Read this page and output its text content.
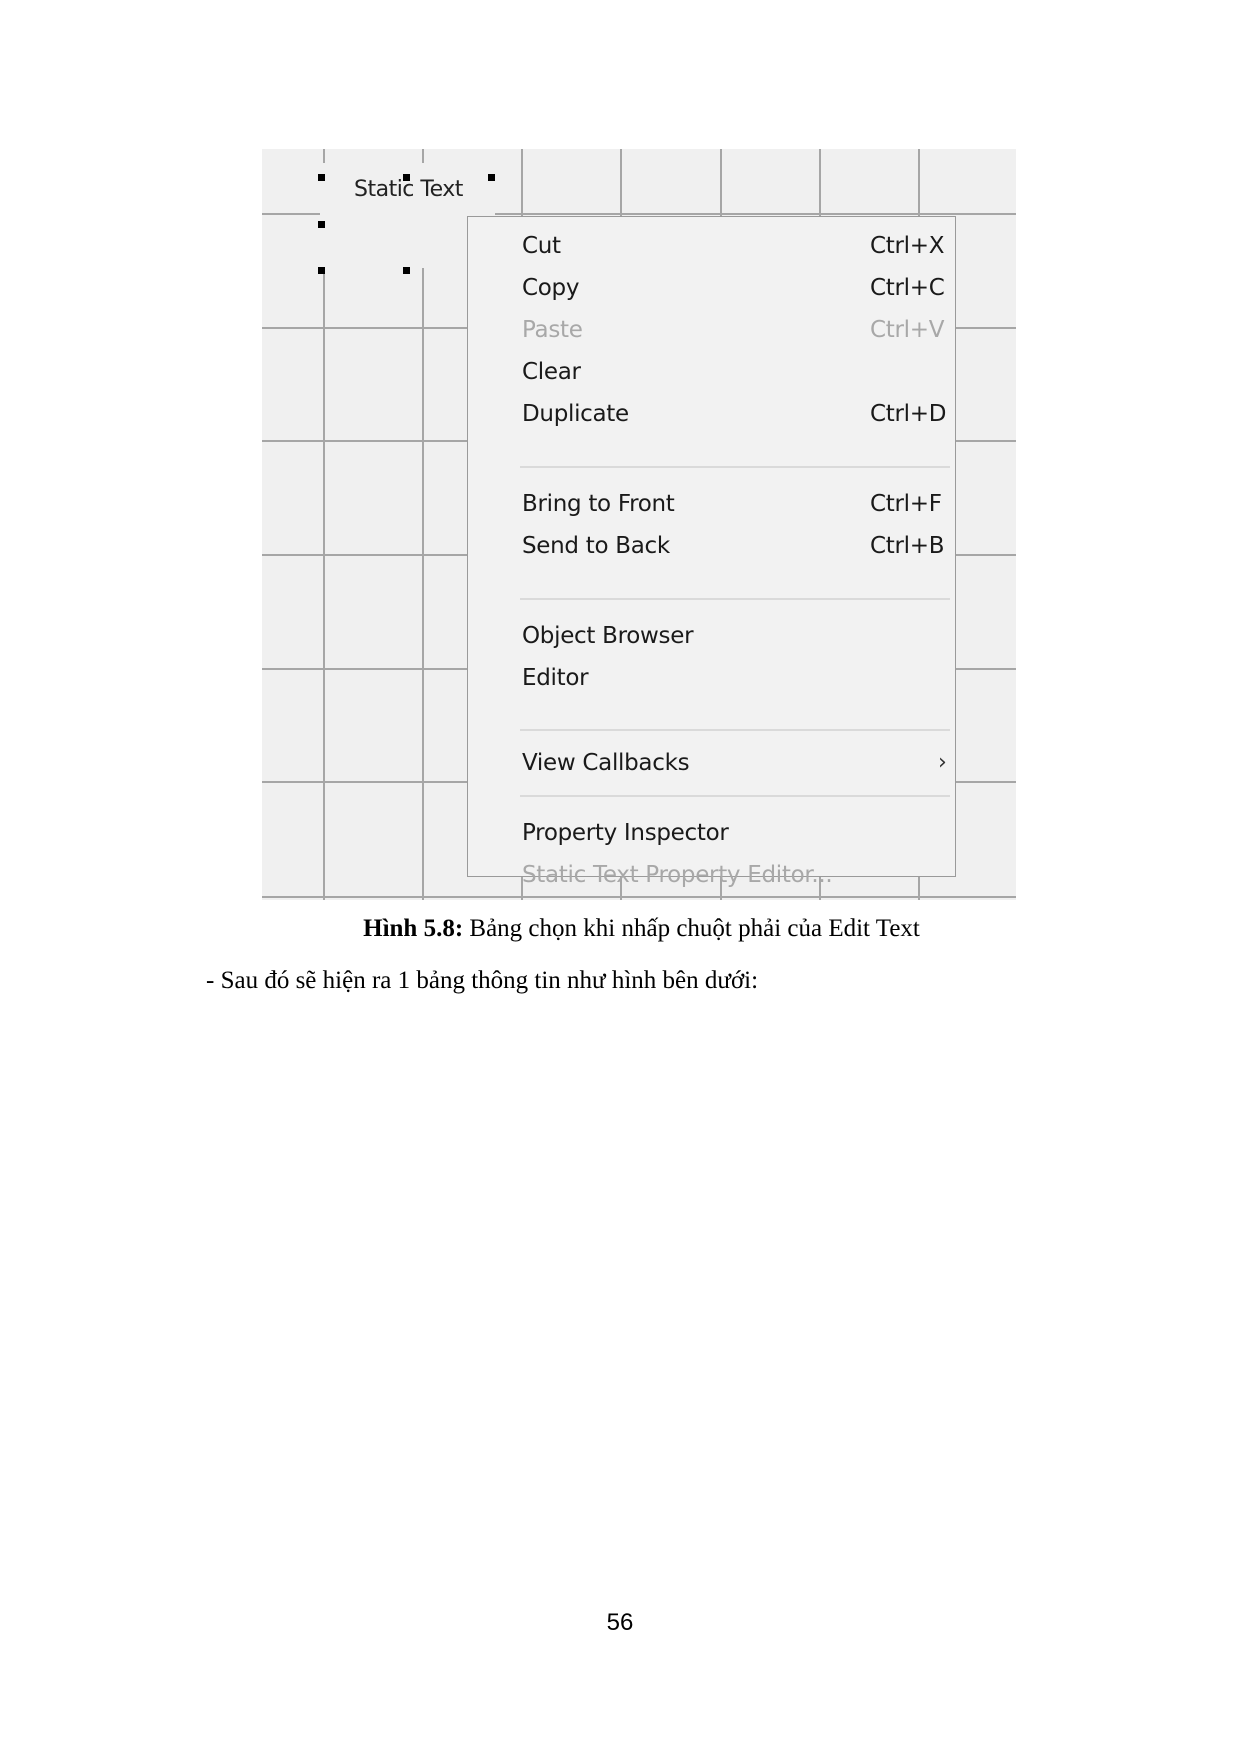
Static Text
Cut	Ctrl+X
Copy	Ctrl+C
Paste	Ctrl+V
Clear
Duplicate	Ctrl+D
Bring to Front	Ctrl+F
Send to Back	Ctrl+B
Object Browser
Editor
View Callbacks	›
Property Inspector
Static Text Property Editor...
Hình 5.8: Bảng chọn khi nhấp chuột phải của Edit Text
- Sau đó sẽ hiện ra 1 bảng thông tin như hình bên dưới:
56
